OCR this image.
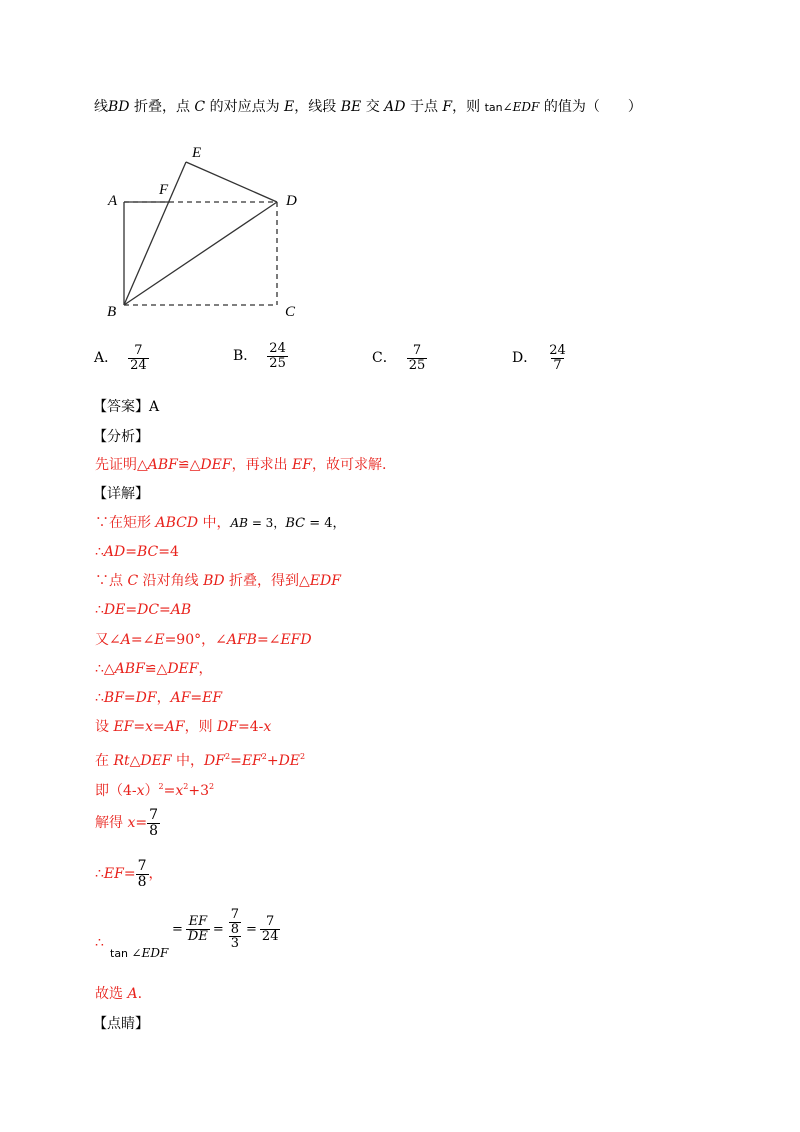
线BD 折叠，点 C 的对应点为 E，线段 BE 交 AD 于点 F，则 tan∠EDF 的值为（　　）
E
A
F
D
B	C
A． $\frac{7}{24}$	B． $\frac{24}{25}$	C． $\frac{7}{25}$	D． $\frac{24}{7}$
【答案】A
【分析】
先证明△ABF≌△DEF，再求出 EF，故可求解.
【详解】
∵在矩形 ABCD 中，AB = 3，BC = 4，
∴AD=BC=4
∵点 C 沿对角线 BD 折叠，得到△EDF
∴DE=DC=AB
又∠A=∠E=90°，∠AFB=∠EFD
∴△ABF≌△DEF，
∴BF=DF，AF=EF
设 EF=x=AF，则 DF=4-x
在 Rt△DEF 中，$DF^2=EF^2+DE^2$
即$(4-x)^2=x^2+3^2$
解得 $x= \frac{7}{8}$
∴EF= $\frac{7}{8}$ ，
∴
tan ∠EDF
= $\frac{EF}{DE} = \frac{\frac{7}{8}}{3} = \frac{7}{24}$
故选 A.
【点睛】
